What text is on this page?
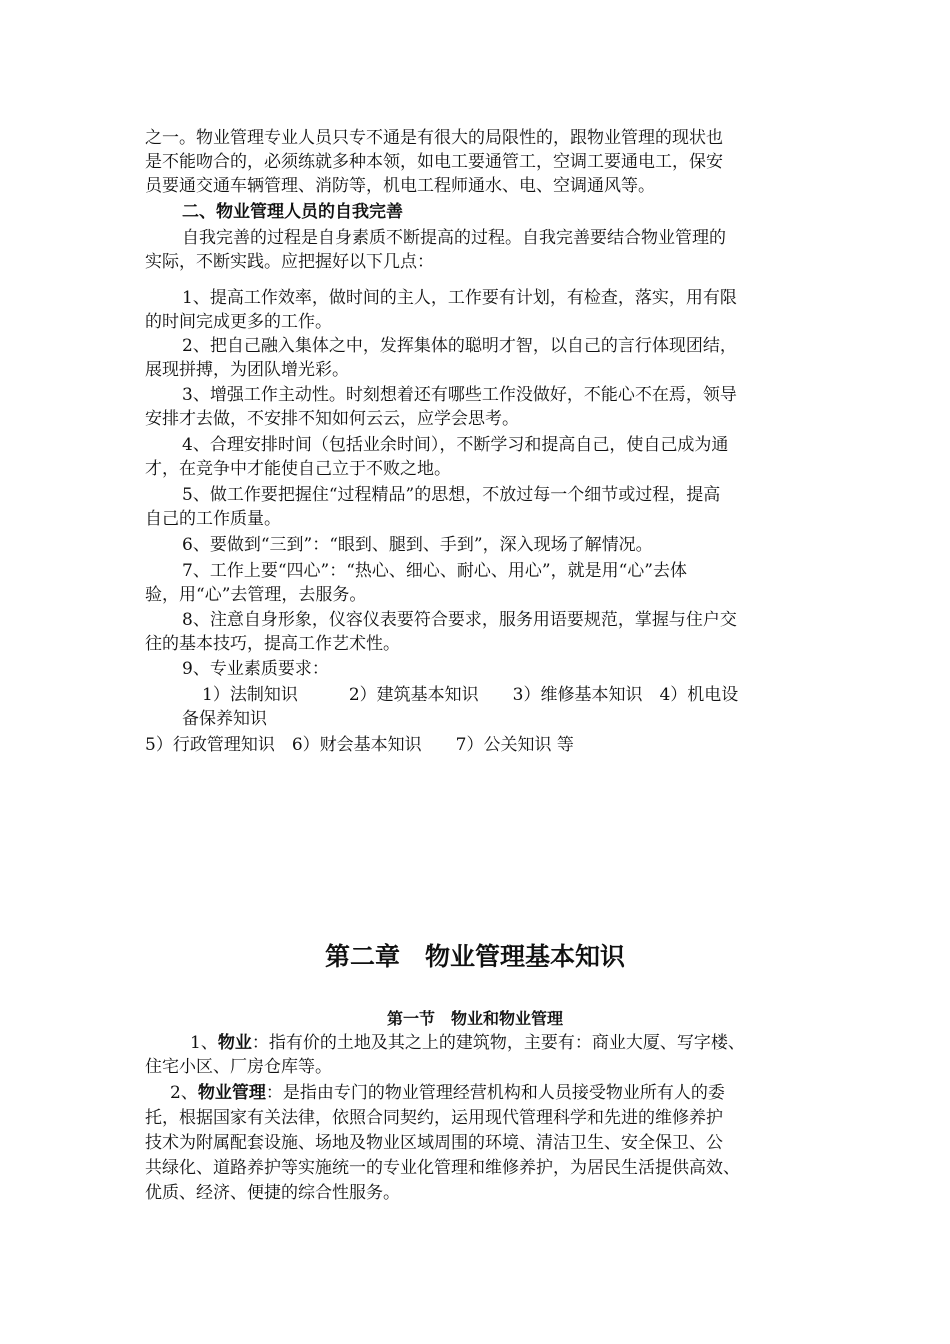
之一。物业管理专业人员只专不通是有很大的局限性的，跟物业管理的现状也
是不能吻合的，必须练就多种本领，如电工要通管工，空调工要通电工，保安
员要通交通车辆管理、消防等，机电工程师通水、电、空调通风等。
二、物业管理人员的自我完善
自我完善的过程是自身素质不断提高的过程。自我完善要结合物业管理的
实际，不断实践。应把握好以下几点：
1、提高工作效率，做时间的主人，工作要有计划，有检查，落实，用有限
的时间完成更多的工作。
2、把自己融入集体之中，发挥集体的聪明才智，以自己的言行体现团结，
展现拼搏，为团队增光彩。
3、增强工作主动性。时刻想着还有哪些工作没做好，不能心不在焉，领导
安排才去做，不安排不知如何云云，应学会思考。
4、合理安排时间（包括业余时间），不断学习和提高自己，使自己成为通
才，在竞争中才能使自己立于不败之地。
5、做工作要把握住“过程精品”的思想，不放过每一个细节或过程，提高
自己的工作质量。
6、要做到“三到”：“眼到、腿到、手到”，深入现场了解情况。
7、工作上要“四心”：“热心、细心、耐心、用心”，就是用“心”去体
验，用“心”去管理，去服务。
8、注意自身形象，仪容仪表要符合要求，服务用语要规范，掌握与住户交
往的基本技巧，提高工作艺术性。
9、专业素质要求：
1）法制知识　　　2）建筑基本知识　　3）维修基本知识　4）机电设
备保养知识
5）行政管理知识　6）财会基本知识　　7）公关知识 等
第二章　物业管理基本知识
第一节　物业和物业管理
1、物业：指有价的土地及其之上的建筑物，主要有：商业大厦、写字楼、
住宅小区、厂房仓库等。
2、物业管理：是指由专门的物业管理经营机构和人员接受物业所有人的委
托，根据国家有关法律，依照合同契约，运用现代管理科学和先进的维修养护
技术为附属配套设施、场地及物业区域周围的环境、清洁卫生、安全保卫、公
共绿化、道路养护等实施统一的专业化管理和维修养护，为居民生活提供高效、
优质、经济、便捷的综合性服务。
